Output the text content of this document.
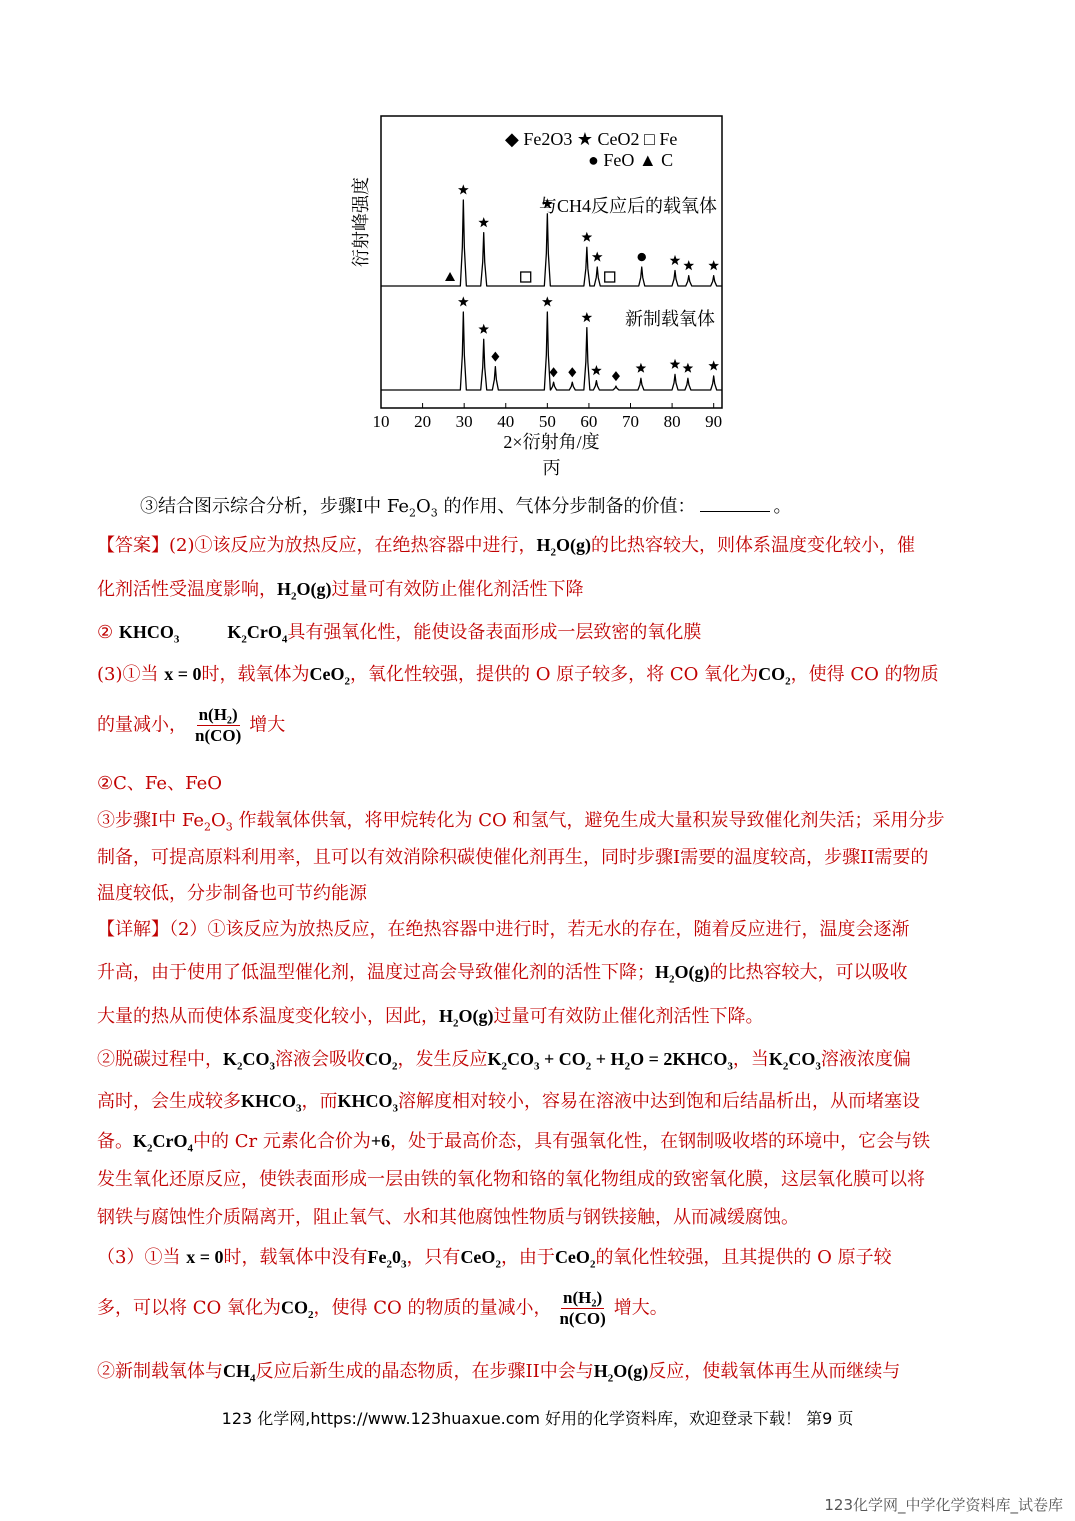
10 20 30 40 50 60 70 80 90
2×衍射角/度
丙
衍射峰强度
◆ Fe2O3 ★ CeO2 □ Fe
● FeO ▲ C
与CH4反应后的载氧体
新制载氧体
③结合图示综合分析，步骤I中 $Fe_2O_3$ 的作用、气体分步制备的价值：	。
【答案】(2)①该反应为放热反应，在绝热容器中进行，$H_2O(g)$的比热容较大，则体系温度变化较小，催
化剂活性受温度影响，$H_2O(g)$过量可有效防止催化剂活性下降
② $KHCO_3$	$K_2CrO_4$具有强氧化性，能使设备表面形成一层致密的氧化膜
(3)①当 x = 0时，载氧体为CeO$_2$，氧化性较强，提供的 O 原子较多，将 CO 氧化为$CO_2$，使得 CO 的物质
的量减小， $\frac{\text{n(H₂)}}{n(CO)}$ 增大
②C、Fe、FeO
③步骤I中 $Fe_2O_3$ 作载氧体供氧，将甲烷转化为 CO 和氢气，避免生成大量积炭导致催化剂失活；采用分步
制备，可提高原料利用率，且可以有效消除积碳使催化剂再生，同时步骤I需要的温度较高，步骤II需要的
温度较低，分步制备也可节约能源
【详解】（2）①该反应为放热反应，在绝热容器中进行时，若无水的存在，随着反应进行，温度会逐渐
升高，由于使用了低温型催化剂，温度过高会导致催化剂的活性下降；$H_2O(g)$的比热容较大，可以吸收
大量的热从而使体系温度变化较小，因此，$H_2O(g)$过量可有效防止催化剂活性下降。
②脱碳过程中，$K_2CO_3$溶液会吸收$CO_2$，发生反应$K_2CO_3 + CO_2 + H_2O$ = $2KHCO_3$，当$K_2CO_3$溶液浓度偏
高时，会生成较多$KHCO_3$，而$KHCO_3$溶解度相对较小，容易在溶液中达到饱和后结晶析出，从而堵塞设
备。$K_2CrO_4$中的 Cr 元素化合价为+6，处于最高价态，具有强氧化性，在钢制吸收塔的环境中，它会与铁
发生氧化还原反应，使铁表面形成一层由铁的氧化物和铬的氧化物组成的致密氧化膜，这层氧化膜可以将
钢铁与腐蚀性介质隔离开，阻止氧气、水和其他腐蚀性物质与钢铁接触，从而减缓腐蚀。
（3）①当 x = 0时，载氧体中没有$Fe_20_3$，只有CeO$_2$，由于CeO$_2$的氧化性较强，且其提供的 O 原子较
多，可以将 CO 氧化为$CO_2$，使得 CO 的物质的量减小， $\frac{\text{n(H₂)}}{n(CO)}$ 增大。
②新制载氧体与$CH_4$反应后新生成的晶态物质，在步骤II中会与$H_2O(g)$反应，使载氧体再生从而继续与
123 化学网,https://www.123huaxue.com 好用的化学资料库，欢迎登录下载！ 第9 页
123化学网_中学化学资料库_试卷库
